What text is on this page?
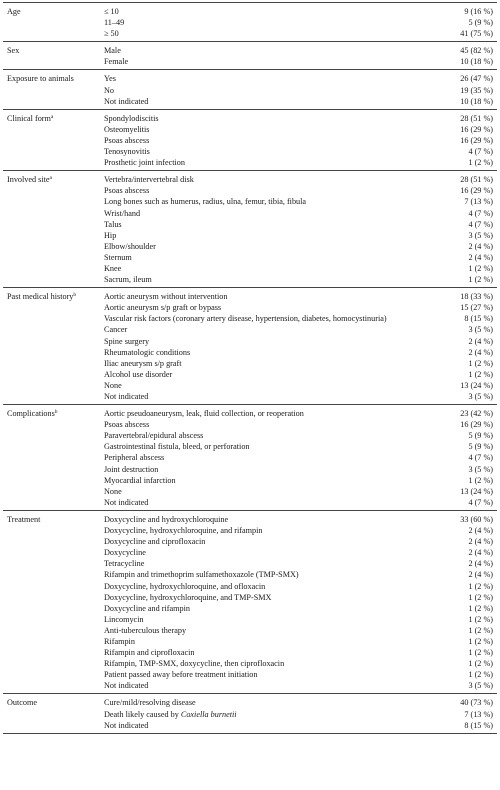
Age	≤ 10	9 (16 %)
11–49	5 (9 %)
≥ 50	41 (75 %)
Sex	Male	45 (82 %)
Female	10 (18 %)
Exposure to animals	Yes	26 (47 %)
No	19 (35 %)
Not indicated	10 (18 %)
Clinical form$^a$	Spondylodiscitis	28 (51 %)
Osteomyelitis	16 (29 %)
Psoas abscess	16 (29 %)
Tenosynovitis	4 (7 %)
Prosthetic joint infection	1 (2 %)
Involved site$^a$	Vertebra/intervertebral disk	28 (51 %)
Psoas abscess	16 (29 %)
Long bones such as humerus, radius, ulna, femur, tibia, fibula	7 (13 %)
Wrist/hand	4 (7 %)
Talus	4 (7 %)
Hip	3 (5 %)
Elbow/shoulder	2 (4 %)
Sternum	2 (4 %)
Knee	1 (2 %)
Sacrum, ileum	1 (2 %)
Past medical history$^b$	Aortic aneurysm without intervention	18 (33 %)
Aortic aneurysm s/p graft or bypass	15 (27 %)
Vascular risk factors (coronary artery disease, hypertension, diabetes, homocystinuria)	8 (15 %)
Cancer	3 (5 %)
Spine surgery	2 (4 %)
Rheumatologic conditions	2 (4 %)
Iliac aneurysm s/p graft	1 (2 %)
Alcohol use disorder	1 (2 %)
None	13 (24 %)
Not indicated	3 (5 %)
Complications$^b$	Aortic pseudoaneurysm, leak, fluid collection, or reoperation	23 (42 %)
Psoas abscess	16 (29 %)
Paravertebral/epidural abscess	5 (9 %)
Gastrointestinal fistula, bleed, or perforation	5 (9 %)
Peripheral abscess	4 (7 %)
Joint destruction	3 (5 %)
Myocardial infarction	1 (2 %)
None	13 (24 %)
Not indicated	4 (7 %)
Treatment	Doxycycline and hydroxychloroquine	33 (60 %)
Doxycycline, hydroxychloroquine, and rifampin	2 (4 %)
Doxycycline and ciprofloxacin	2 (4 %)
Doxycycline	2 (4 %)
Tetracycline	2 (4 %)
Rifampin and trimethoprim sulfamethoxazole (TMP-SMX)	2 (4 %)
Doxycycline, hydroxychloroquine, and ofloxacin	1 (2 %)
Doxycycline, hydroxychloroquine, and TMP-SMX	1 (2 %)
Doxycycline and rifampin	1 (2 %)
Lincomycin	1 (2 %)
Anti-tuberculous therapy	1 (2 %)
Rifampin	1 (2 %)
Rifampin and ciprofloxacin	1 (2 %)
Rifampin, TMP-SMX, doxycycline, then ciprofloxacin	1 (2 %)
Patient passed away before treatment initiation	1 (2 %)
Not indicated	3 (5 %)
Outcome	Cure/mild/resolving disease	40 (73 %)
Death likely caused by Coxiella burnetii	7 (13 %)
Not indicated	8 (15 %)
